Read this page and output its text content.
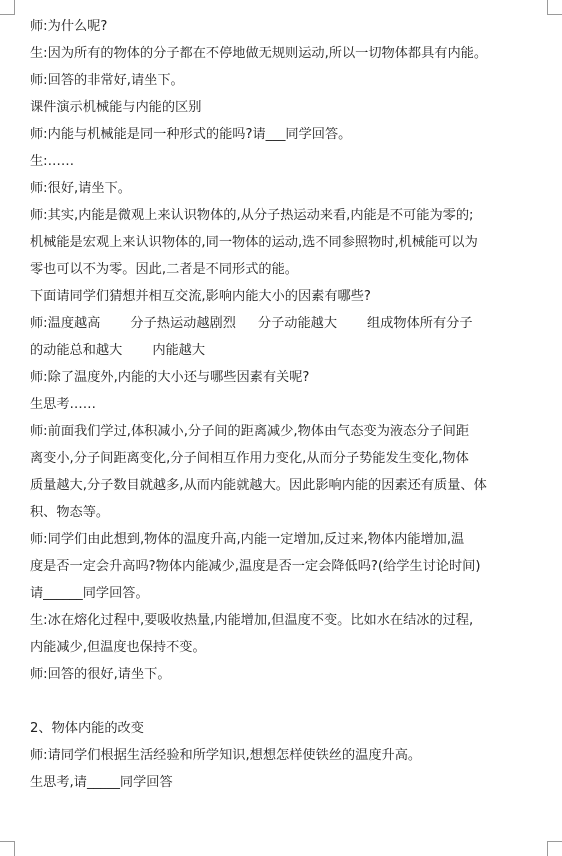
师:为什么呢?
生:因为所有的物体的分子都在不停地做无规则运动,所以一切物体都具有内能。
师:回答的非常好,请坐下。
课件演示机械能与内能的区别
师:内能与机械能是同一种形式的能吗?请___同学回答。
生:……
师:很好,请坐下。
师:其实,内能是微观上来认识物体的,从分子热运动来看,内能是不可能为零的;
机械能是宏观上来认识物体的,同一物体的运动,选不同参照物时,机械能可以为
零也可以不为零。因此,二者是不同形式的能。
下面请同学们猜想并相互交流,影响内能大小的因素有哪些?
师:温度越高 分子热运动越剧烈 分子动能越大 组成物体所有分子
的动能总和越大 内能越大
师:除了温度外,内能的大小还与哪些因素有关呢?
生思考……
师:前面我们学过,体积减小,分子间的距离减少,物体由气态变为液态分子间距
离变小,分子间距离变化,分子间相互作用力变化,从而分子势能发生变化,物体
质量越大,分子数目就越多,从而内能就越大。因此影响内能的因素还有质量、体
积、物态等。
师:同学们由此想到,物体的温度升高,内能一定增加,反过来,物体内能增加,温
度是否一定会升高吗?物体内能减少,温度是否一定会降低吗?(给学生讨论时间)
请______同学回答。
生:冰在熔化过程中,要吸收热量,内能增加,但温度不变。比如水在结冰的过程,
内能减少,但温度也保持不变。
师:回答的很好,请坐下。
2、物体内能的改变
师:请同学们根据生活经验和所学知识,想想怎样使铁丝的温度升高。
生思考,请_____同学回答
